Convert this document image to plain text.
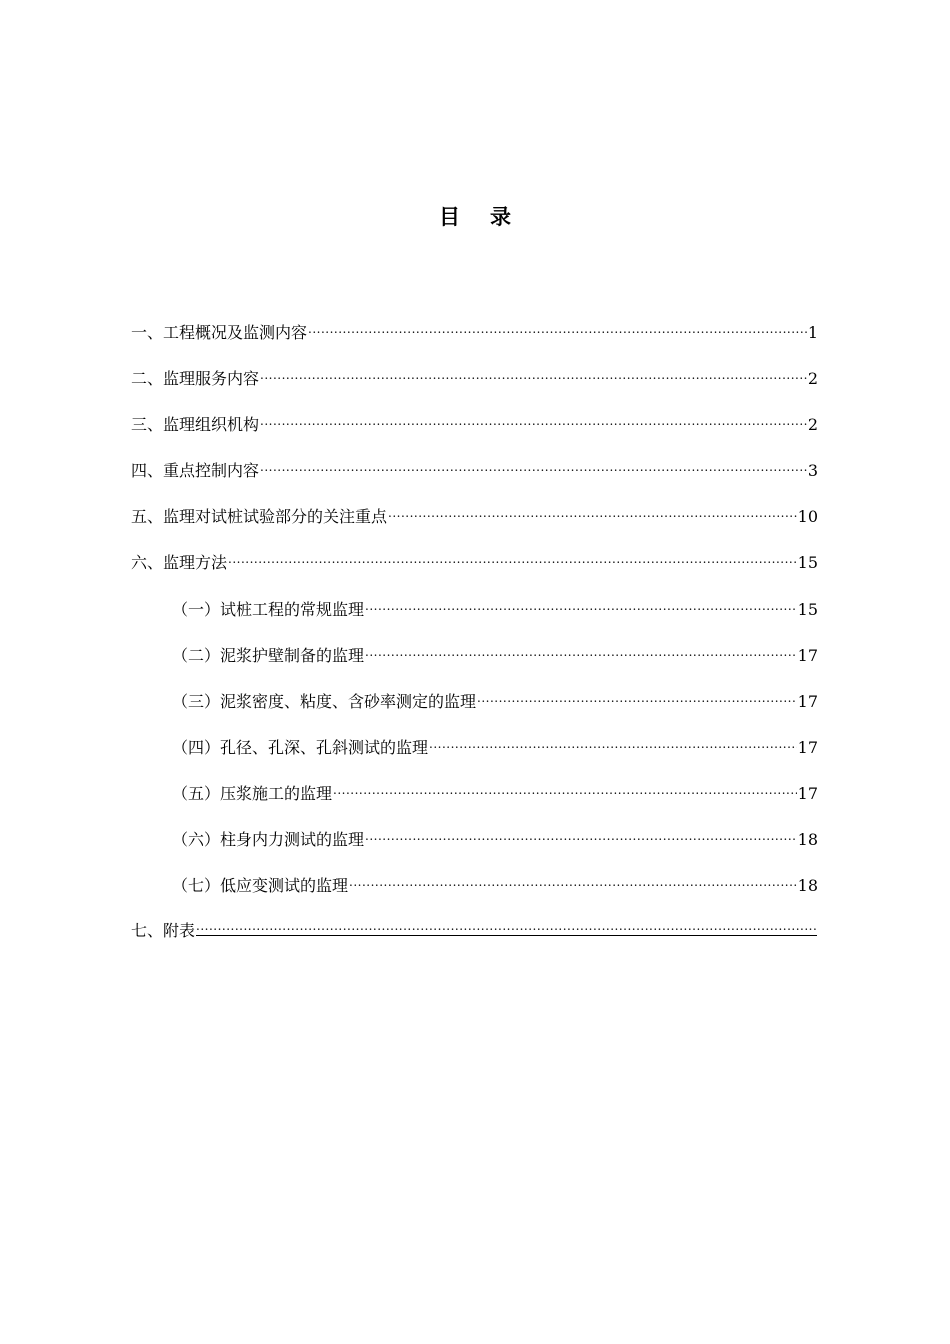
目录
一、工程概况及监测内容 .....	1
二、监理服务内容 .....	2
三、监理组织机构 .....	2
四、重点控制内容 .....	3
五、监理对试桩试验部分的关注重点 .....	10
六、监理方法 .....	15
（一）试桩工程的常规监理 .....	15
（二）泥浆护壁制备的监理 .....	17
（三）泥浆密度、粘度、含砂率测定的监理 .....	17
（四）孔径、孔深、孔斜测试的监理 .....	17
（五）压浆施工的监理 .....	17
（六）柱身内力测试的监理 .....	18
（七）低应变测试的监理 .....	18
七、附表
.....
